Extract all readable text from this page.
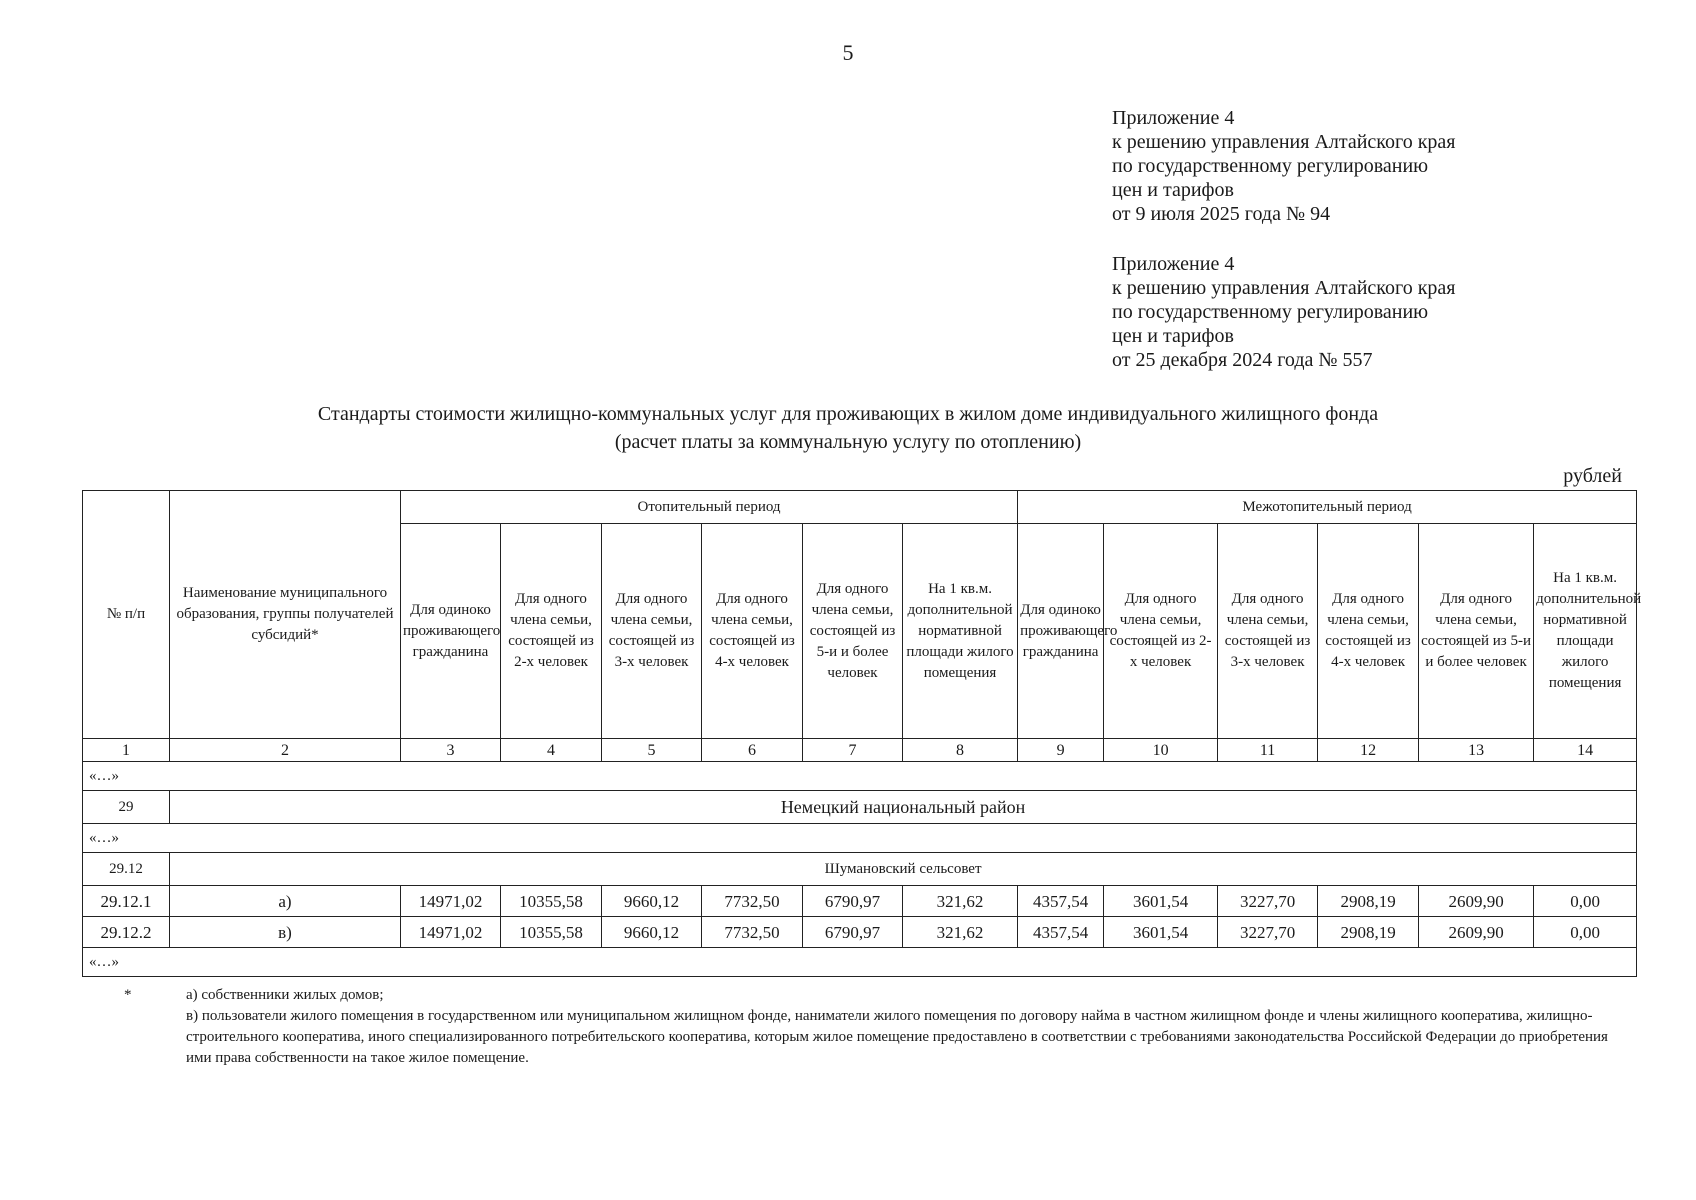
5
Приложение 4
к решению управления Алтайского края
по государственному регулированию
цен и тарифов
от 9 июля 2025 года № 94
Приложение 4
к решению управления Алтайского края
по государственному регулированию
цен и тарифов
от 25 декабря 2024 года № 557
Стандарты стоимости жилищно-коммунальных услуг для проживающих в жилом доме индивидуального жилищного фонда
(расчет платы за коммунальную услугу по отоплению)
рублей
№ п/п	Наименование муниципального образования, группы получателей субсидий*	Отопительный период						Межотопительный период					
		Для одиноко проживающего гражданина	Для одного члена семьи, состоящей из 2-х человек	Для одного члена семьи, состоящей из 3-х человек	Для одного члена семьи, состоящей из 4-х человек	Для одного члена семьи, состоящей из 5-и и более человек	На 1 кв.м. дополнительной нормативной площади жилого помещения	Для одиноко проживающего гражданина	Для одного члена семьи, состоящей из 2-х человек	Для одного члена семьи, состоящей из 3-х человек	Для одного члена семьи, состоящей из 4-х человек	Для одного члена семьи, состоящей из 5-и и более человек	На 1 кв.м. дополнительной нормативной площади жилого помещения
1	2	3	4	5	6	7	8	9	10	11	12	13	14
«…»													
29	Немецкий национальный район												
«…»													
29.12	Шумановский сельсовет												
29.12.1	а)	14971,02	10355,58	9660,12	7732,50	6790,97	321,62	4357,54	3601,54	3227,70	2908,19	2609,90	0,00
29.12.2	в)	14971,02	10355,58	9660,12	7732,50	6790,97	321,62	4357,54	3601,54	3227,70	2908,19	2609,90	0,00
«…»													
*	а) собственники жилых домов;
в) пользователи жилого помещения в государственном или муниципальном жилищном фонде, наниматели жилого помещения по договору найма в частном жилищном фонде и члены жилищного кооператива, жилищно-строительного кооператива, иного специализированного потребительского кооператива, которым жилое помещение предоставлено в соответствии с требованиями законодательства Российской Федерации до приобретения ими права собственности на такое жилое помещение.
